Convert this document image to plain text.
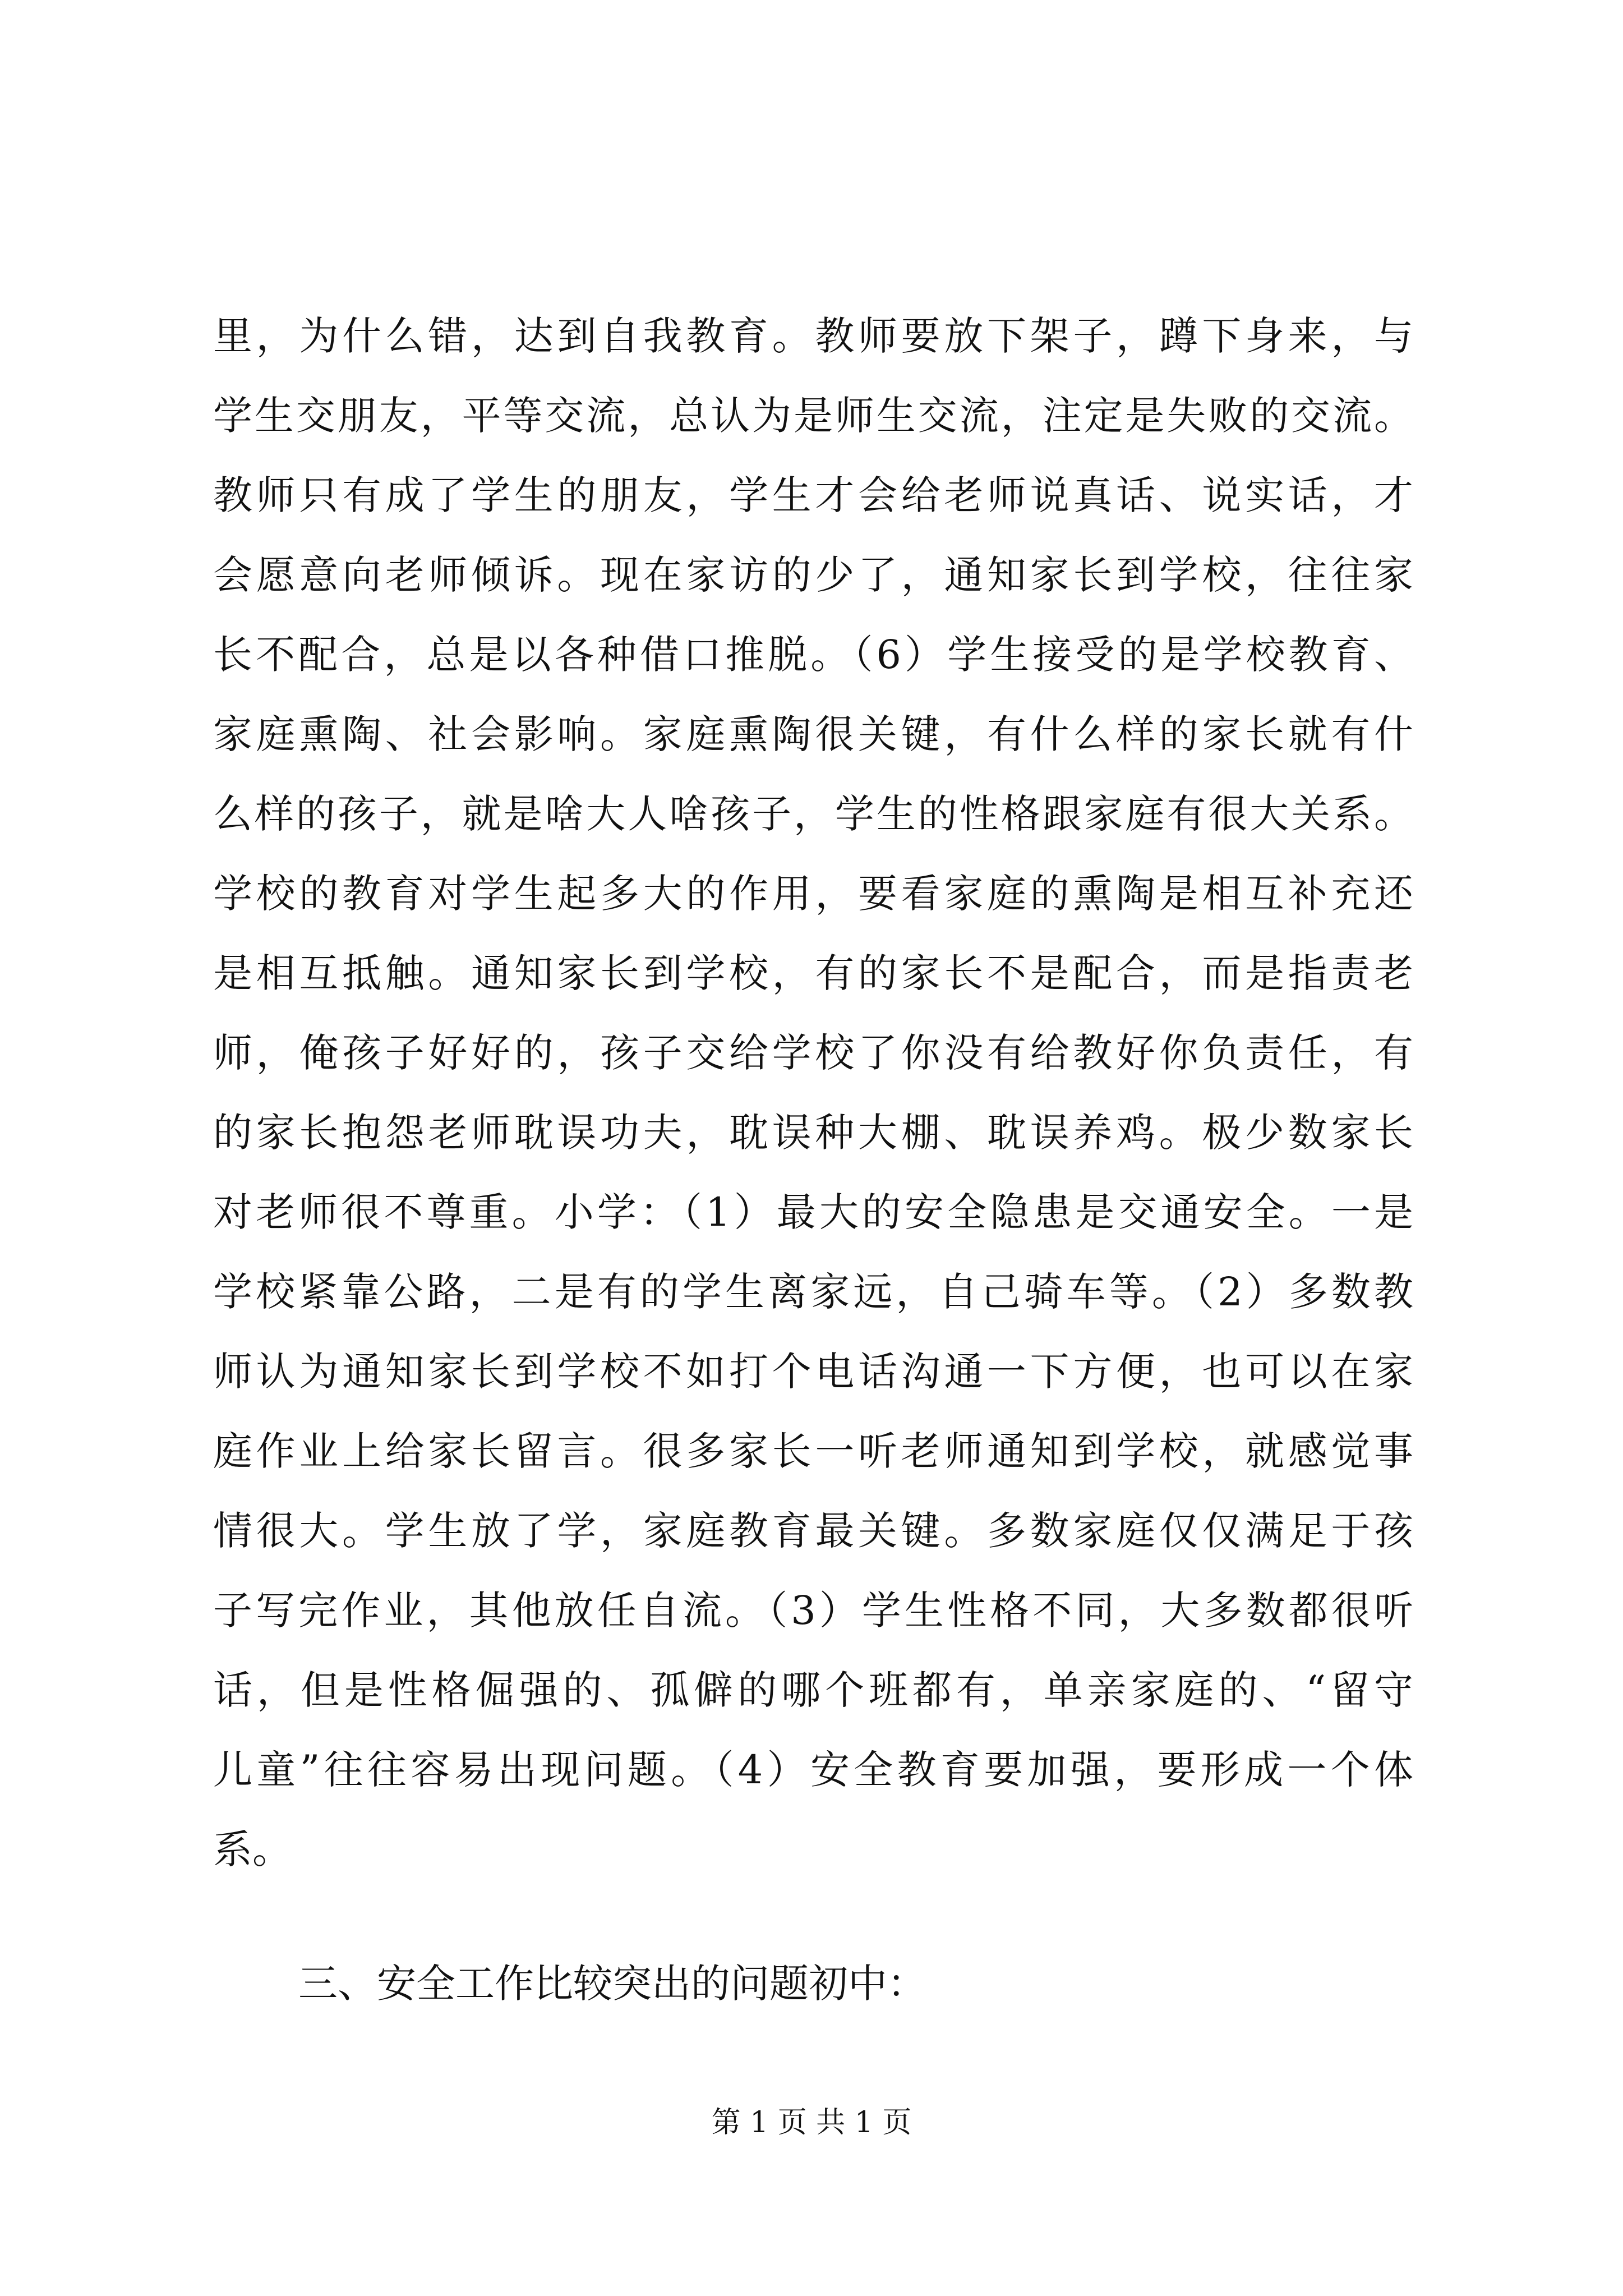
里，为什么错，达到自我教育。教师要放下架子，蹲下身来，与
学生交朋友，平等交流，总认为是师生交流，注定是失败的交流。
教师只有成了学生的朋友，学生才会给老师说真话、说实话，才
会愿意向老师倾诉。现在家访的少了，通知家长到学校，往往家
长不配合，总是以各种借口推脱。（6）学生接受的是学校教育、
家庭熏陶、社会影响。家庭熏陶很关键，有什么样的家长就有什
么样的孩子，就是啥大人啥孩子，学生的性格跟家庭有很大关系。
学校的教育对学生起多大的作用，要看家庭的熏陶是相互补充还
是相互抵触。通知家长到学校，有的家长不是配合，而是指责老
师，俺孩子好好的，孩子交给学校了你没有给教好你负责任，有
的家长抱怨老师耽误功夫，耽误种大棚、耽误养鸡。极少数家长
对老师很不尊重。小学：（1）最大的安全隐患是交通安全。一是
学校紧靠公路，二是有的学生离家远，自己骑车等。（2）多数教
师认为通知家长到学校不如打个电话沟通一下方便，也可以在家
庭作业上给家长留言。很多家长一听老师通知到学校，就感觉事
情很大。学生放了学，家庭教育最关键。多数家庭仅仅满足于孩
子写完作业，其他放任自流。（3）学生性格不同，大多数都很听
话，但是性格倔强的、孤僻的哪个班都有，单亲家庭的、“留守
儿童”往往容易出现问题。（4）安全教育要加强，要形成一个体
系。
三、安全工作比较突出的问题初中：
第 1 页 共 1 页
